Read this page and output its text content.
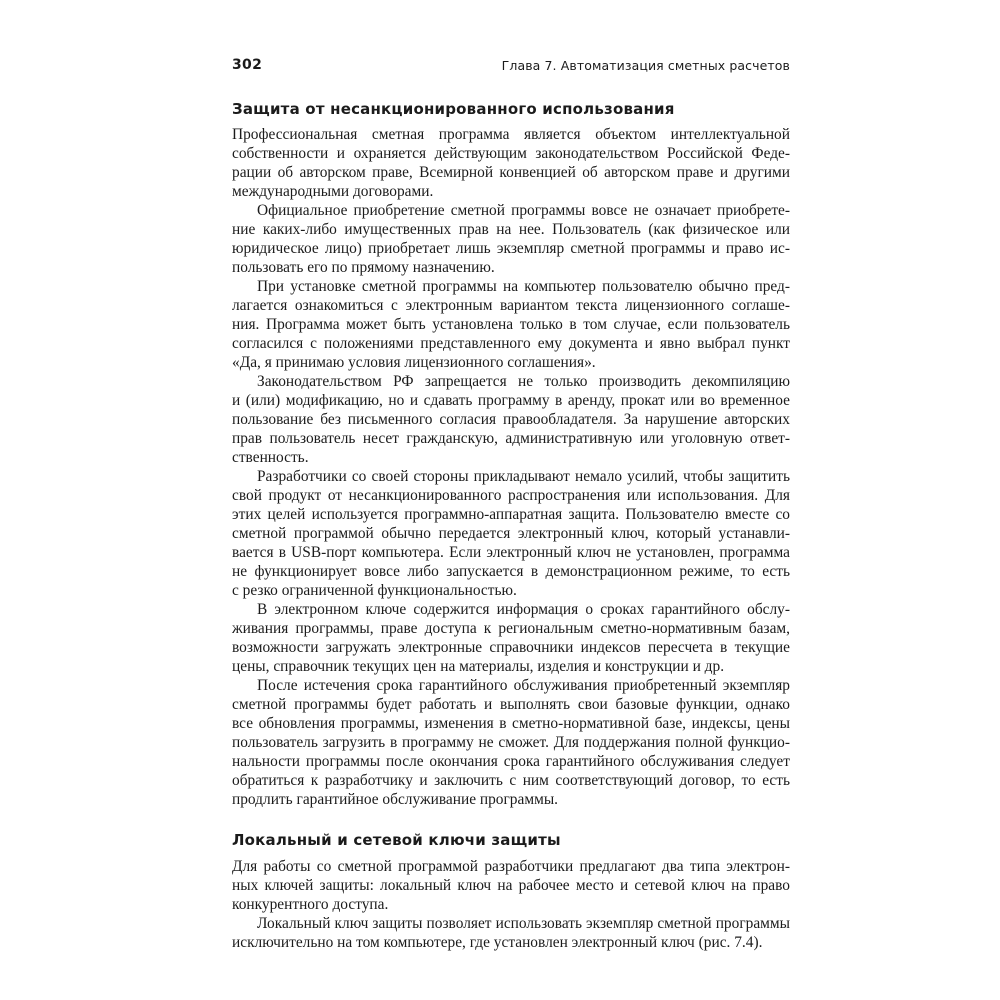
302	Глава 7. Автоматизация сметных расчетов
Защита от несанкционированного использования

Профессиональная сметная программа является объектом интеллектуальной
собственности и охраняется действующим законодательством Российской Феде-
рации об авторском праве, Всемирной конвенцией об авторском праве и другими
международными договорами.

Официальное приобретение сметной программы вовсе не означает приобрете-
ние каких-либо имущественных прав на нее. Пользователь (как физическое или
юридическое лицо) приобретает лишь экземпляр сметной программы и право ис-
пользовать его по прямому назначению.

При установке сметной программы на компьютер пользователю обычно пред-
лагается ознакомиться с электронным вариантом текста лицензионного соглаше-
ния. Программа может быть установлена только в том случае, если пользователь
согласился с положениями представленного ему документа и явно выбрал пункт
«Да, я принимаю условия лицензионного соглашения».

Законодательством РФ запрещается не только производить декомпиляцию
и (или) модификацию, но и сдавать программу в аренду, прокат или во временное
пользование без письменного согласия правообладателя. За нарушение авторских
прав пользователь несет гражданскую, административную или уголовную ответ-
ственность.

Разработчики со своей стороны прикладывают немало усилий, чтобы защитить
свой продукт от несанкционированного распространения или использования. Для
этих целей используется программно-аппаратная защита. Пользователю вместе со
сметной программой обычно передается электронный ключ, который устанавли-
вается в USB-порт компьютера. Если электронный ключ не установлен, программа
не функционирует вовсе либо запускается в демонстрационном режиме, то есть
с резко ограниченной функциональностью.

В электронном ключе содержится информация о сроках гарантийного обслу-
живания программы, праве доступа к региональным сметно-нормативным базам,
возможности загружать электронные справочники индексов пересчета в текущие
цены, справочник текущих цен на материалы, изделия и конструкции и др.

После истечения срока гарантийного обслуживания приобретенный экземпляр
сметной программы будет работать и выполнять свои базовые функции, однако
все обновления программы, изменения в сметно-нормативной базе, индексы, цены
пользователь загрузить в программу не сможет. Для поддержания полной функцио-
нальности программы после окончания срока гарантийного обслуживания следует
обратиться к разработчику и заключить с ним соответствующий договор, то есть
продлить гарантийное обслуживание программы.

Локальный и сетевой ключи защиты

Для работы со сметной программой разработчики предлагают два типа электрон-
ных ключей защиты: локальный ключ на рабочее место и сетевой ключ на право
конкурентного доступа.

Локальный ключ защиты позволяет использовать экземпляр сметной программы
исключительно на том компьютере, где установлен электронный ключ (рис. 7.4).
